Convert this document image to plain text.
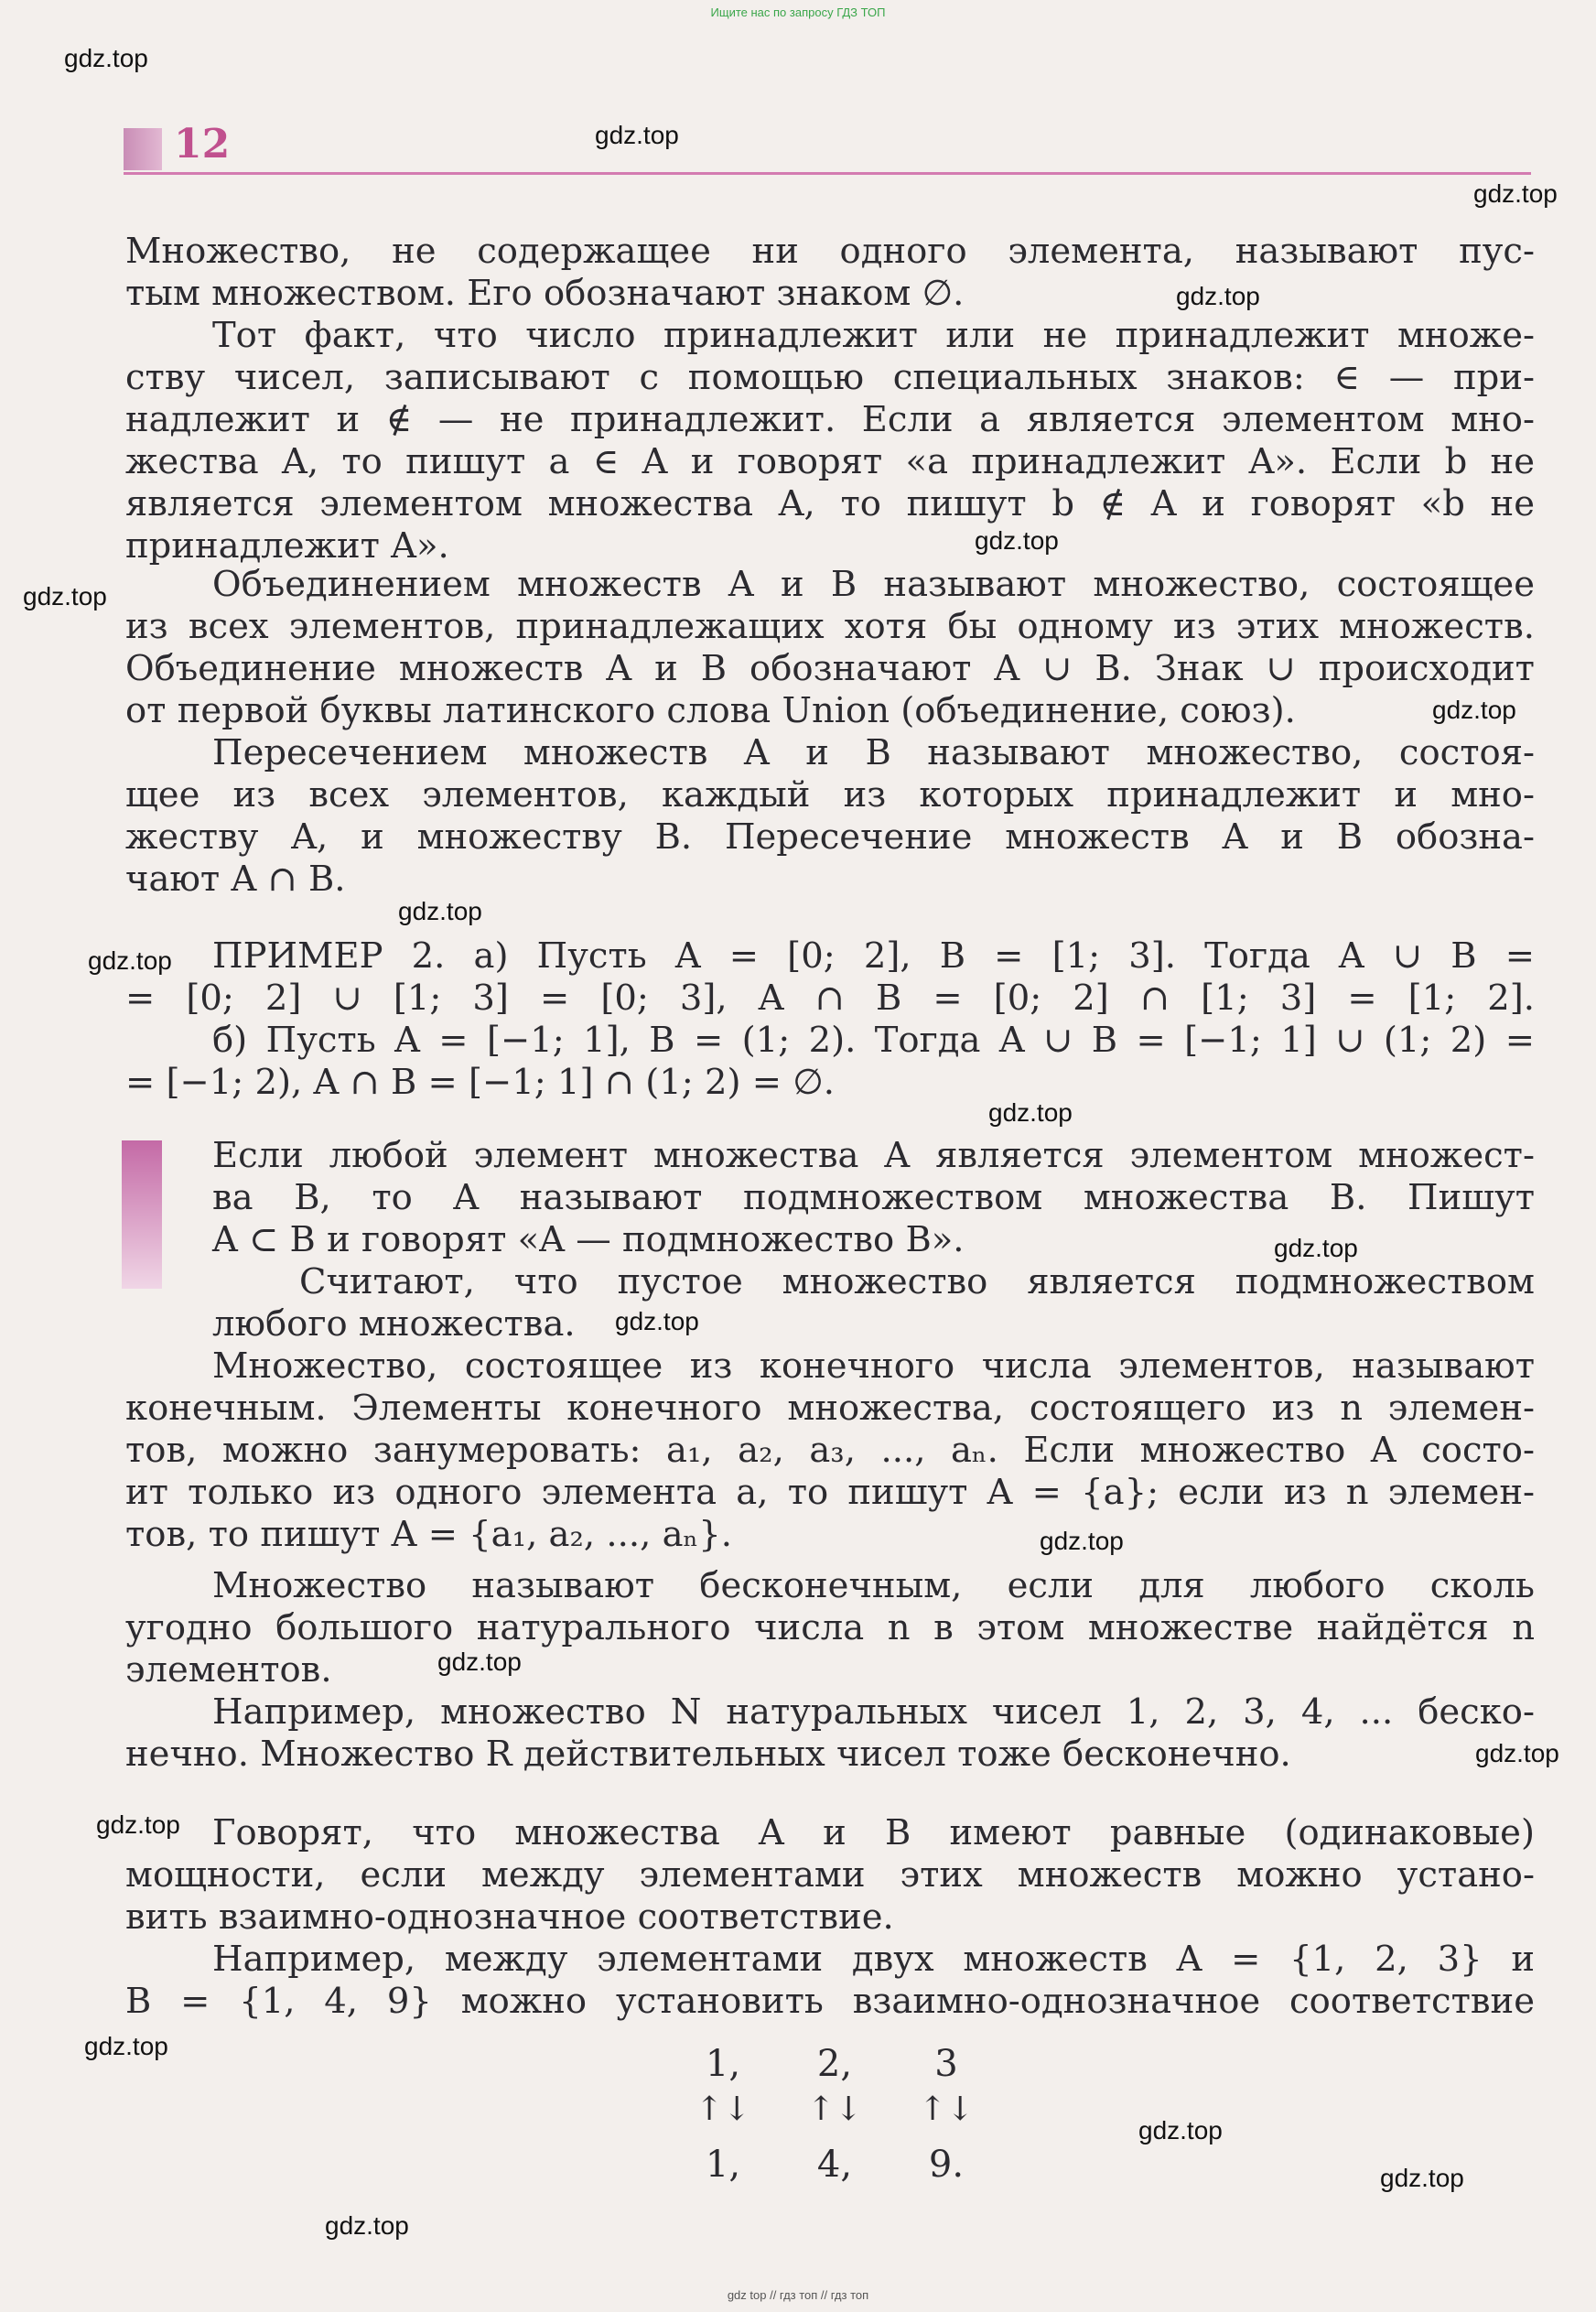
Ищите нас по запросу ГДЗ ТОП
12
Множество, не содержащее ни одного элемента, называют пус-
тым множеством. Его обозначают знаком ∅.
Тот факт, что число принадлежит или не принадлежит множе-
ству чисел, записывают с помощью специальных знаков: ∈ — при-
надлежит и ∉ — не принадлежит. Если a является элементом мно-
жества A, то пишут a ∈ A и говорят «a принадлежит A». Если b не
является элементом множества A, то пишут b ∉ A и говорят «b не
принадлежит A».
Объединением множеств A и B называют множество, состоящее
из всех элементов, принадлежащих хотя бы одному из этих множеств.
Объединение множеств A и B обозначают A ∪ B. Знак ∪ происходит
от первой буквы латинского слова Union (объединение, союз).
Пересечением множеств A и B называют множество, состоя-
щее из всех элементов, каждый из которых принадлежит и мно-
жеству A, и множеству B. Пересечение множеств A и B обозна-
чают A ∩ B.
ПРИМЕР 2. а) Пусть A = [0; 2], B = [1; 3]. Тогда A ∪ B =
= [0; 2] ∪ [1; 3] = [0; 3], A ∩ B = [0; 2] ∩ [1; 3] = [1; 2].
б) Пусть A = [−1; 1], B = (1; 2). Тогда A ∪ B = [−1; 1] ∪ (1; 2) =
= [−1; 2), A ∩ B = [−1; 1] ∩ (1; 2) = ∅.
Если любой элемент множества A является элементом множест-
ва B, то A называют подмножеством множества B. Пишут
A ⊂ B и говорят «A — подмножество B».
Считают, что пустое множество является подмножеством
любого множества.
Множество, состоящее из конечного числа элементов, называют
конечным. Элементы конечного множества, состоящего из n элемен-
тов, можно занумеровать: a₁, a₂, a₃, ..., aₙ. Если множество A состо-
ит только из одного элемента a, то пишут A = {a}; если из n элемен-
тов, то пишут A = {a₁, a₂, ..., aₙ}.
Множество называют бесконечным, если для любого сколь
угодно большого натурального числа n в этом множестве найдётся n
элементов.
Например, множество N натуральных чисел 1, 2, 3, 4, ... беско-
нечно. Множество R действительных чисел тоже бесконечно.
Говорят, что множества A и B имеют равные (одинаковые)
мощности, если между элементами этих множеств можно устано-
вить взаимно-однозначное соответствие.
Например, между элементами двух множеств A = {1, 2, 3} и
B = {1, 4, 9} можно установить взаимно-однозначное соответствие
1,
↑↓
1,
2,
↑↓
4,
3
↑↓
9.
gdz.top
gdz.top
gdz.top
gdz.top
gdz.top
gdz.top
gdz.top
gdz.top
gdz.top
gdz.top
gdz.top
gdz.top
gdz.top
gdz.top
gdz.top
gdz.top
gdz.top
gdz.top
gdz.top
gdz.top
gdz top // гдз топ // гдз топ
